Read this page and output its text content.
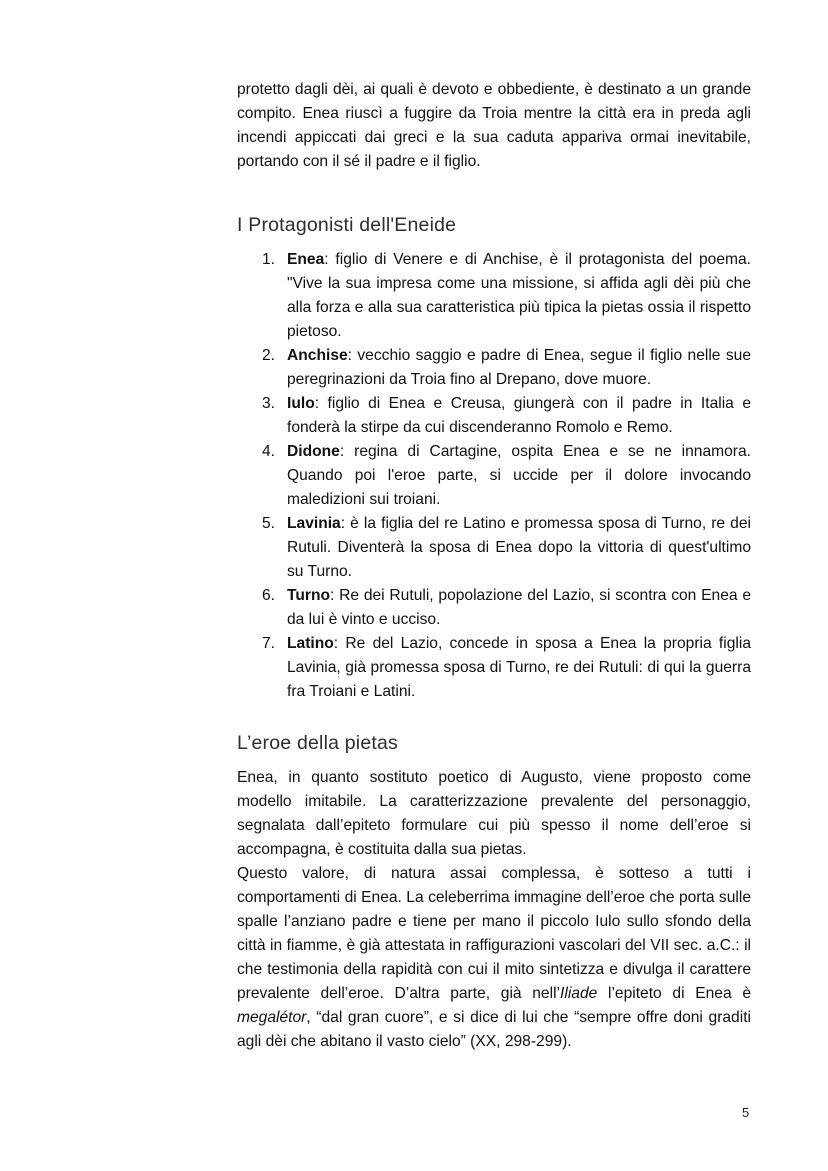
protetto dagli dèi, ai quali è devoto e obbediente, è destinato a un grande compito. Enea riuscì a fuggire da Troia mentre la città era in preda agli incendi appiccati dai greci e la sua caduta appariva ormai inevitabile, portando con il sé il padre e il figlio.

I Protagonisti dell'Eneide
1. Enea: figlio di Venere e di Anchise, è il protagonista del poema. "Vive la sua impresa come una missione, si affida agli dèi più che alla forza e alla sua caratteristica più tipica la pietas ossia il rispetto pietoso.
2. Anchise: vecchio saggio e padre di Enea, segue il figlio nelle sue peregrinazioni da Troia fino al Drepano, dove muore.
3. Iulo: figlio di Enea e Creusa, giungerà con il padre in Italia e fonderà la stirpe da cui discenderanno Romolo e Remo.
4. Didone: regina di Cartagine, ospita Enea e se ne innamora. Quando poi l'eroe parte, si uccide per il dolore invocando maledizioni sui troiani.
5. Lavinia: è la figlia del re Latino e promessa sposa di Turno, re dei Rutuli. Diventerà la sposa di Enea dopo la vittoria di quest'ultimo su Turno.
6. Turno: Re dei Rutuli, popolazione del Lazio, si scontra con Enea e da lui è vinto e ucciso.
7. Latino: Re del Lazio, concede in sposa a Enea la propria figlia Lavinia, già promessa sposa di Turno, re dei Rutuli: di qui la guerra fra Troiani e Latini.
L’eroe della pietas

Enea, in quanto sostituto poetico di Augusto, viene proposto come modello imitabile. La caratterizzazione prevalente del personaggio, segnalata dall’epiteto formulare cui più spesso il nome dell’eroe si accompagna, è costituita dalla sua pietas.

Questo valore, di natura assai complessa, è sotteso a tutti i comportamenti di Enea. La celeberrima immagine dell’eroe che porta sulle spalle l’anziano padre e tiene per mano il piccolo Iulo sullo sfondo della città in fiamme, è già attestata in raffigurazioni vascolari del VII sec. a.C.: il che testimonia della rapidità con cui il mito sintetizza e divulga il carattere prevalente dell’eroe. D’altra parte, già nell’Iliade l’epiteto di Enea è megalétor, “dal gran cuore”, e si dice di lui che “sempre offre doni graditi agli dèi che abitano il vasto cielo” (XX, 298-299).

5
